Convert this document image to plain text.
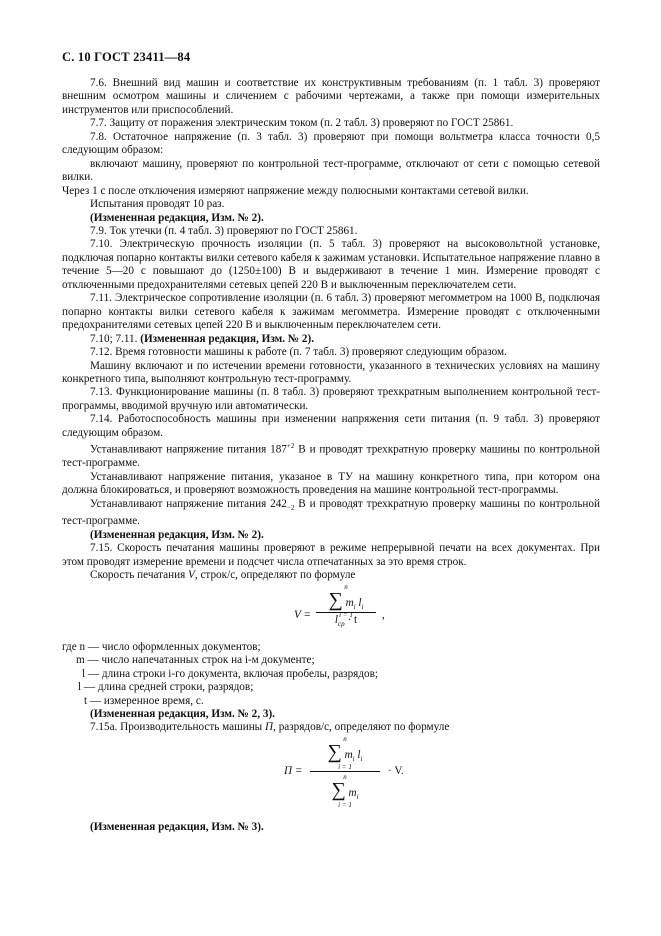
С. 10 ГОСТ 23411—84

7.6. Внешний вид машин и соответствие их конструктивным требованиям (п. 1 табл. 3) проверяют внешним осмотром машины и сличением с рабочими чертежами, а также при помощи измерительных инструментов или приспособлений.

7.7. Защиту от поражения электрическим током (п. 2 табл. 3) проверяют по ГОСТ 25861.

7.8. Остаточное напряжение (п. 3 табл. 3) проверяют при помощи вольтметра класса точности 0,5 следующим образом:

включают машину, проверяют по контрольной тест-программе, отключают от сети с помощью сетевой вилки.

Через 1 с после отключения измеряют напряжение между полюсными контактами сетевой вилки.

Испытания проводят 10 раз.

(Измененная редакция, Изм. № 2).

7.9. Ток утечки (п. 4 табл. 3) проверяют по ГОСТ 25861.

7.10. Электрическую прочность изоляции (п. 5 табл. 3) проверяют на высоковольтной установке, подключая попарно контакты вилки сетевого кабеля к зажимам установки. Испытательное напряжение плавно в течение 5—20 с повышают до (1250±100) В и выдерживают в течение 1 мин. Измерение проводят с отключенными предохранителями сетевых цепей 220 В и выключенным переключателем сети.

7.11. Электрическое сопротивление изоляции (п. 6 табл. 3) проверяют мегомметром на 1000 В, подключая попарно контакты вилки сетевого кабеля к зажимам мегомметра. Измерение проводят с отключенными предохранителями сетевых цепей 220 В и выключенным переключателем сети.

7.10; 7.11. (Измененная редакция, Изм. № 2).

7.12. Время готовности машины к работе (п. 7 табл. 3) проверяют следующим образом.

Машину включают и по истечении времени готовности, указанного в технических условиях на машину конкретного типа, выполняют контрольную тест-программу.

7.13. Функционирование машины (п. 8 табл. 3) проверяют трехкратным выполнением контрольной тест-программы, вводимой вручную или автоматически.

7.14. Работоспособность машины при изменении напряжения сети питания (п. 9 табл. 3) проверяют следующим образом.

Устанавливают напряжение питания $187^{+2}$ В и проводят трехкратную проверку машины по контрольной тест-программе.

Устанавливают напряжение питания, указаное в ТУ на машину конкретного типа, при котором она должна блокироваться, и проверяют возможность проведения на машине контрольной тест-программы.

Устанавливают напряжение питания $242_{-2}$ В и проводят трехкратную проверку машины по контрольной тест-программе.

(Измененная редакция, Изм. № 2).

7.15. Скорость печатания машины проверяют в режиме непрерывной печати на всех документах. При этом проводят измерение времени и подсчет числа отпечатанных за это время строк.

Скорость печатания V, строк/с, определяют по формуле

V =
n
∑ $m_i$ $l_i$
i = 1
$l_{cp} \cdot t$	,

где n — число оформленных документов;

m — число напечатанных строк на i-м документе;

l — длина строки i-го документа, включая пробелы, разрядов;

l — длина средней строки, разрядов;

t — измеренное время, с.

(Измененная редакция, Изм. № 2, 3).

7.15а. Производительность машины П, разрядов/с, определяют по формуле

П =
n
∑ $m_i$ $l_i$
i = 1
n
∑ $m_i$
i = 1
· V.

(Измененная редакция, Изм. № 3).
